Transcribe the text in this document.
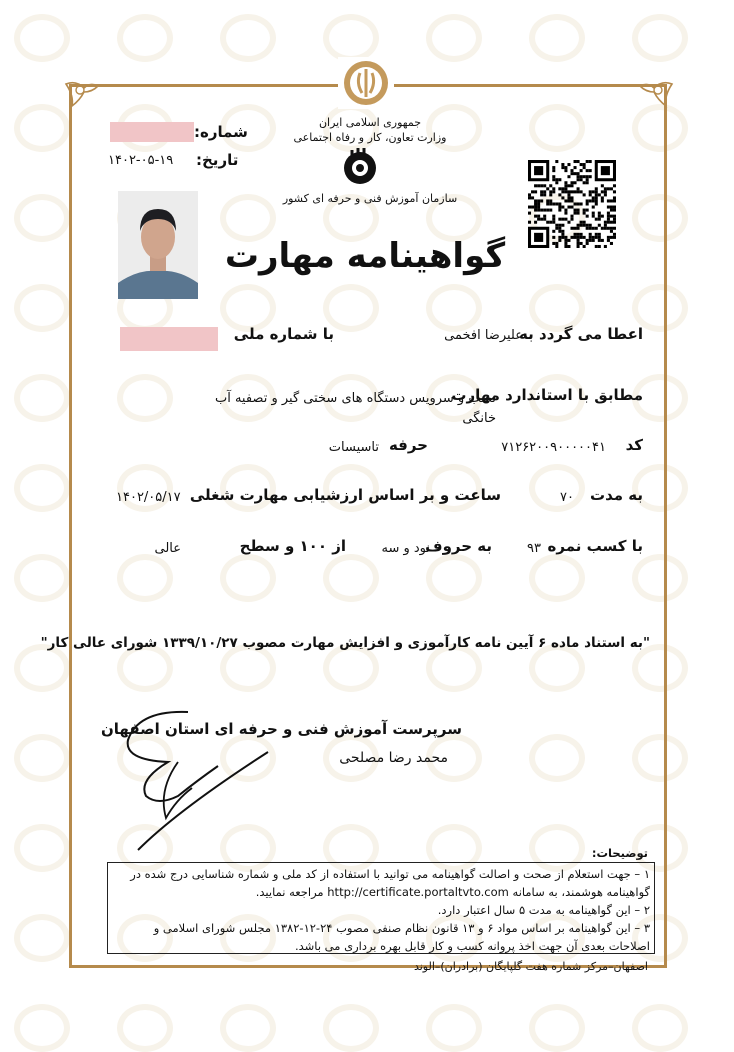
جمهوری اسلامی ایران
وزارت تعاون، کار و رفاه اجتماعی
سازمان آموزش فنی و حرفه ای کشور
شماره:
تاریخ:
۱۴۰۲-۰۵-۱۹
گواهینامه مهارت
اعطا می گردد به
علیرضا افخمی
با شماره ملی
مطابق با استاندارد مهارت
نصب و سرویس دستگاه های سختی گیر و تصفیه آب خانگی
کد
۷۱۲۶۲۰۰۹۰۰۰۰۰۴۱
حرفه
تاسیسات
به مدت
۷۰
ساعت و بر اساس ارزشیابی مهارت شغلی
۱۴۰۲/۰۵/۱۷
با کسب نمره
۹۳
به حروف
نود و سه
از ۱۰۰ و سطح
عالی
"به استناد ماده ۶ آیین نامه کارآموزی و افزایش مهارت مصوب ۱۳۳۹/۱۰/۲۷ شورای عالی کار"
سرپرست آموزش فنی و حرفه ای استان اصفهان
محمد رضا مصلحی
توضیحات:
۱ – جهت استعلام از صحت و اصالت گواهینامه می توانید با استفاده از کد ملی و شماره شناسایی درج شده در گواهینامه هوشمند، به سامانه http://certificate.portaltvto.com مراجعه نمایید.
۲ – این گواهینامه به مدت ۵ سال اعتبار دارد.
۳ – این گواهینامه بر اساس مواد ۶ و ۱۳ قانون نظام صنفی مصوب ۲۴-۱۲-۱۳۸۲ مجلس شورای اسلامی و اصلاحات بعدی آن جهت اخذ پروانه کسب و کار قابل بهره برداری می باشد.
اصفهان–مرکز شماره هفت گلپایگان (برادران)–الوند
